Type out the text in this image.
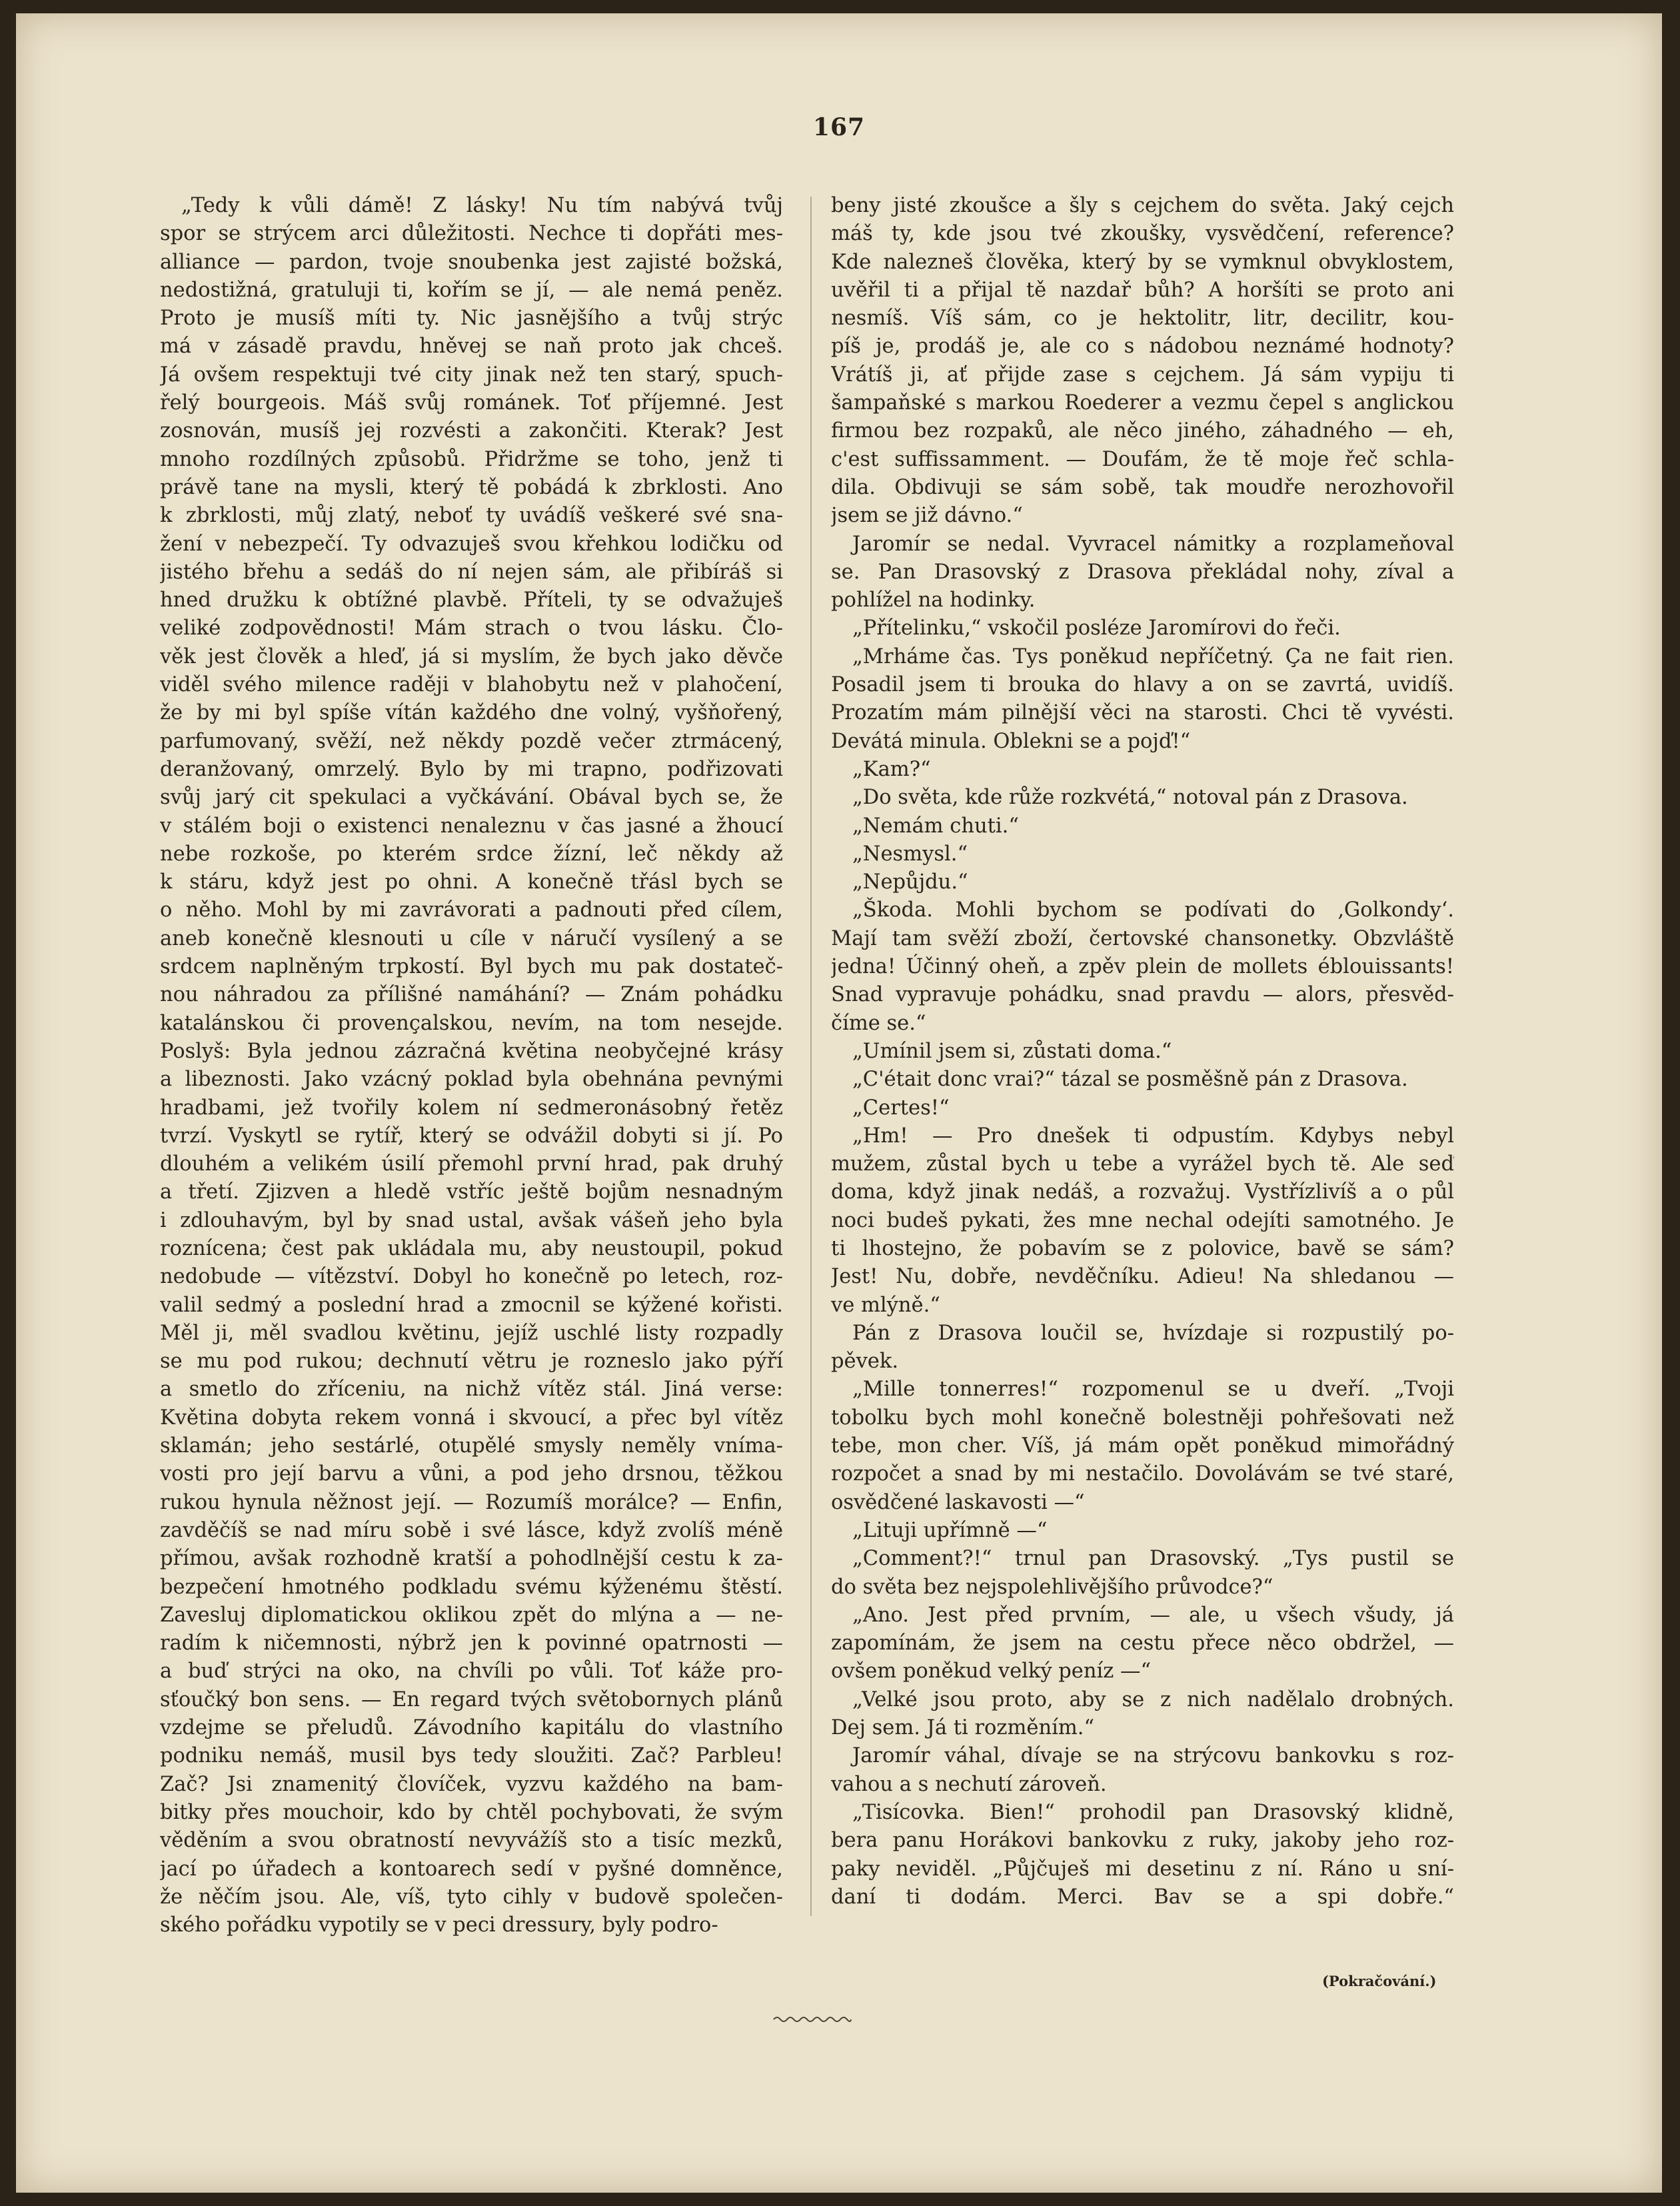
167
„Tedy k vůli dámě! Z lásky! Nu tím nabývá tvůj
spor se strýcem arci důležitosti. Nechce ti dopřáti mes-
alliance — pardon, tvoje snoubenka jest zajisté božská,
nedostižná, gratuluji ti, kořím se jí, — ale nemá peněz.
Proto je musíš míti ty. Nic jasnějšího a tvůj strýc
má v zásadě pravdu, hněvej se naň proto jak chceš.
Já ovšem respektuji tvé city jinak než ten starý, spuch-
řelý bourgeois. Máš svůj románek. Toť příjemné. Jest
zosnován, musíš jej rozvésti a zakončiti. Kterak? Jest
mnoho rozdílných způsobů. Přidržme se toho, jenž ti
právě tane na mysli, který tě pobádá k zbrklosti. Ano
k zbrklosti, můj zlatý, neboť ty uvádíš veškeré své sna-
žení v nebezpečí. Ty odvazuješ svou křehkou lodičku od
jistého břehu a sedáš do ní nejen sám, ale přibíráš si
hned družku k obtížné plavbě. Příteli, ty se odvažuješ
veliké zodpovědnosti! Mám strach o tvou lásku. Člo-
věk jest člověk a hleď, já si myslím, že bych jako děvče
viděl svého milence raději v blahobytu než v plahočení,
že by mi byl spíše vítán každého dne volný, vyšňořený,
parfumovaný, svěží, než někdy pozdě večer ztrmácený,
deranžovaný, omrzelý. Bylo by mi trapno, podřizovati
svůj jarý cit spekulaci a vyčkávání. Obával bych se, že
v stálém boji o existenci nenaleznu v čas jasné a žhoucí
nebe rozkoše, po kterém srdce žízní, leč někdy až
k stáru, když jest po ohni. A konečně třásl bych se
o něho. Mohl by mi zavrávorati a padnouti před cílem,
aneb konečně klesnouti u cíle v náručí vysílený a se
srdcem naplněným trpkostí. Byl bych mu pak dostateč-
nou náhradou za přílišné namáhání? — Znám pohádku
katalánskou či provençalskou, nevím, na tom nesejde.
Poslyš: Byla jednou zázračná květina neobyčejné krásy
a libeznosti. Jako vzácný poklad byla obehnána pevnými
hradbami, jež tvořily kolem ní sedmeronásobný řetěz
tvrzí. Vyskytl se rytíř, který se odvážil dobyti si jí. Po
dlouhém a velikém úsilí přemohl první hrad, pak druhý
a třetí. Zjizven a hledě vstříc ještě bojům nesnadným
i zdlouhavým, byl by snad ustal, avšak vášeň jeho byla
roznícena; čest pak ukládala mu, aby neustoupil, pokud
nedobude — vítězství. Dobyl ho konečně po letech, roz-
valil sedmý a poslední hrad a zmocnil se kýžené kořisti.
Měl ji, měl svadlou květinu, jejíž uschlé listy rozpadly
se mu pod rukou; dechnutí větru je rozneslo jako pýří
a smetlo do zříceniu, na nichž vítěz stál. Jiná verse:
Květina dobyta rekem vonná i skvoucí, a přec byl vítěz
sklamán; jeho sestárlé, otupělé smysly neměly vnímа-
vosti pro její barvu a vůni, a pod jeho drsnou, těžkou
rukou hynula něžnost její. — Rozumíš morálce? — Enfin,
zavděčíš se nad míru sobě i své lásce, když zvolíš méně
přímou, avšak rozhodně kratší a pohodlnější cestu k za-
bezpečení hmotného podkladu svému kýženému štěstí.
Zavesluj diplomatickou oklikou zpět do mlýna a — ne-
radím k ničemnosti, nýbrž jen k povinné opatrnosti —
a buď strýci na oko, na chvíli po vůli. Toť káže pro-
sťoučký bon sens. — En regard tvých světobornych plánů
vzdejme se přeludů. Závodního kapitálu do vlastního
podniku nemáš, musil bys tedy sloužiti. Zač? Parbleu!
Zač? Jsi znamenitý človíček, vyzvu každého na bam-
bitky přes mouchoir, kdo by chtěl pochybovati, že svým
věděním a svou obratností nevyvážíš sto a tisíc mezků,
jací po úřadech a kontoarech sedí v pyšné domněnce,
že něčím jsou. Ale, víš, tyto cihly v budově společen-
ského pořádku vypotily se v peci dressury, byly podro-
beny jisté zkoušce a šly s cejchem do světa. Jaký cejch
máš ty, kde jsou tvé zkoušky, vysvědčení, reference?
Kde nalezneš člověka, který by se vymknul obvyklostem,
uvěřil ti a přijal tě nazdař bůh? A horšíti se proto ani
nesmíš. Víš sám, co je hektolitr, litr, decilitr, kou-
píš je, prodáš je, ale co s nádobou neznámé hodnoty?
Vrátíš ji, ať přijde zase s cejchem. Já sám vypiju ti
šampaňské s markou Roederer a vezmu čepel s anglickou
firmou bez rozpaků, ale něco jiného, záhadného — eh,
c'est suffissamment. — Doufám, že tě moje řeč schla-
dila. Obdivuji se sám sobě, tak moudře nerozhovořil
jsem se již dávno.“
Jaromír se nedal. Vyvracel námitky a rozplameňoval
se. Pan Drasovský z Drasova překládal nohy, zíval a
pohlížel na hodinky.
„Přítelinku,“ vskočil posléze Jaromírovi do řeči.
„Mrháme čas. Tys poněkud nepříčetný. Ça ne fait rien.
Posadil jsem ti brouka do hlavy a on se zavrtá, uvidíš.
Prozatím mám pilnější věci na starosti. Chci tě vyvésti.
Devátá minula. Oblekni se a pojď!“
„Kam?“
„Do světa, kde růže rozkvétá,“ notoval pán z Drasova.
„Nemám chuti.“
„Nesmysl.“
„Nepůjdu.“
„Škoda. Mohli bychom se podívati do ‚Golkondy‘.
Mají tam svěží zboží, čertovské chansonetky. Obzvláště
jedna! Účinný oheň, a zpěv plein de mollets éblouissants!
Snad vypravuje pohádku, snad pravdu — alors, přesvěd-
číme se.“
„Umínil jsem si, zůstati doma.“
„C'était donc vrai?“ tázal se posměšně pán z Drasova.
„Certes!“
„Hm! — Pro dnešek ti odpustím. Kdybys nebyl
mužem, zůstal bych u tebe a vyrážel bych tě. Ale seď
doma, když jinak nedáš, a rozvažuj. Vystřízlivíš a o půl
noci budeš pykati, žes mne nechal odejíti samotného. Je
ti lhostejno, že pobavím se z polovice, bavě se sám?
Jest! Nu, dobře, nevděčníku. Adieu! Na shledanou —
ve mlýně.“
Pán z Drasova loučil se, hvízdaje si rozpustilý po-
pěvek.
„Mille tonnerres!“ rozpomenul se u dveří. „Tvoji
tobolku bych mohl konečně bolestněji pohřešovati než
tebe, mon cher. Víš, já mám opět poněkud mimořádný
rozpočet a snad by mi nestačilo. Dovolávám se tvé staré,
osvědčené laskavosti —“
„Lituji upřímně —“
„Comment?!“ trnul pan Drasovský. „Tys pustil se
do světa bez nejspolehlivějšího průvodce?“
„Ano. Jest před prvním, — ale, u všech všudy, já
zapomínám, že jsem na cestu přece něco obdržel, —
ovšem poněkud velký peníz —“
„Velké jsou proto, aby se z nich nadělalo drobných.
Dej sem. Já ti rozměním.“
Jaromír váhal, dívaje se na strýcovu bankovku s roz-
vahou a s nechutí zároveň.
„Tisícovka. Bien!“ prohodil pan Drasovský klidně,
bera panu Horákovi bankovku z ruky, jakoby jeho roz-
paky neviděl. „Půjčuješ mi desetinu z ní. Ráno u sní-
daní ti dodám. Merci. Bav se a spi dobře.“
(Pokračování.)
